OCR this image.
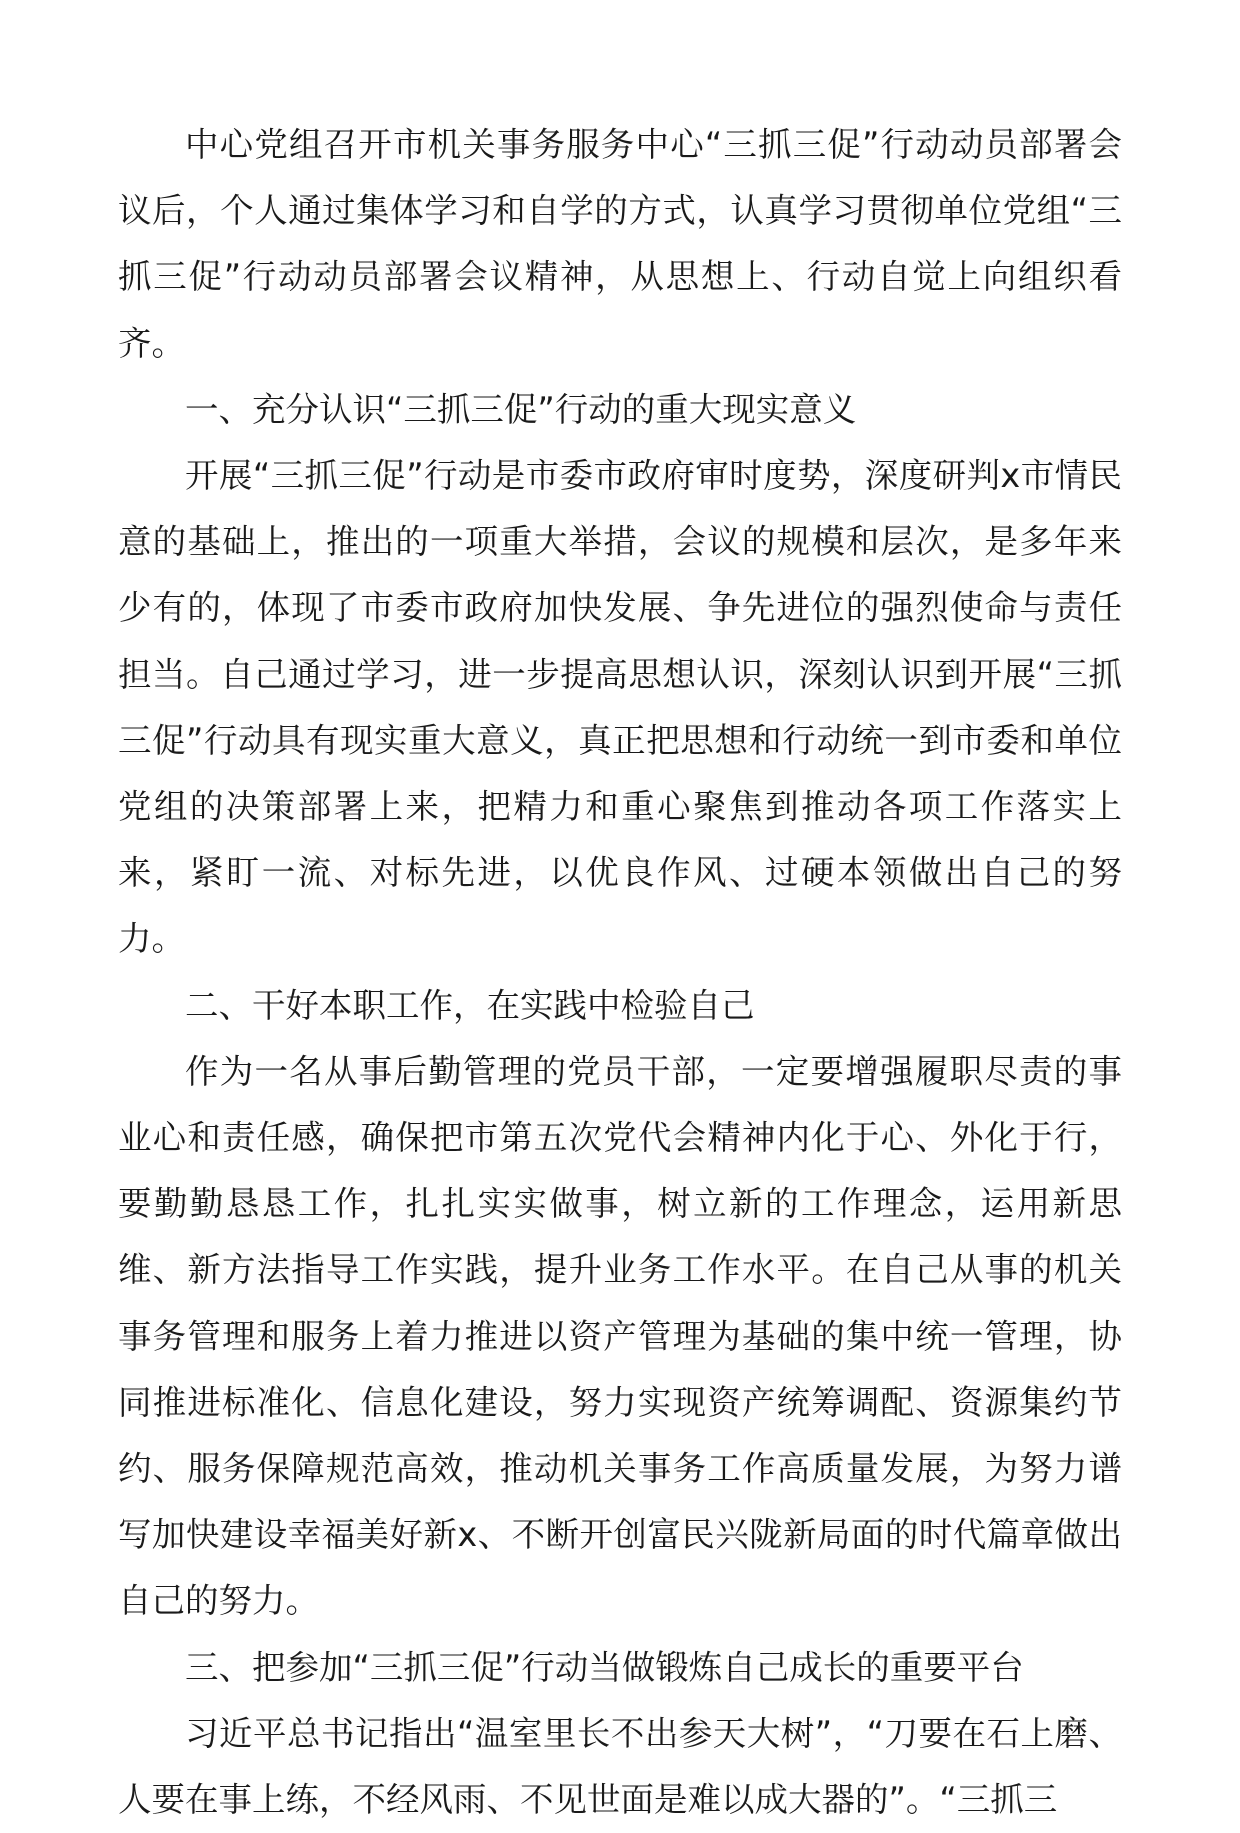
中心党组召开市机关事务服务中心“三抓三促”行动动员部署会议后，个人通过集体学习和自学的方式，认真学习贯彻单位党组“三抓三促”行动动员部署会议精神，从思想上、行动自觉上向组织看齐。

一、充分认识“三抓三促”行动的重大现实意义

开展“三抓三促”行动是市委市政府审时度势，深度研判x市情民意的基础上，推出的一项重大举措，会议的规模和层次，是多年来少有的，体现了市委市政府加快发展、争先进位的强烈使命与责任担当。自己通过学习，进一步提高思想认识，深刻认识到开展“三抓三促”行动具有现实重大意义，真正把思想和行动统一到市委和单位党组的决策部署上来，把精力和重心聚焦到推动各项工作落实上来，紧盯一流、对标先进，以优良作风、过硬本领做出自己的努力。

二、干好本职工作，在实践中检验自己

作为一名从事后勤管理的党员干部，一定要增强履职尽责的事业心和责任感，确保把市第五次党代会精神内化于心、外化于行，要勤勤恳恳工作，扎扎实实做事，树立新的工作理念，运用新思维、新方法指导工作实践，提升业务工作水平。在自己从事的机关事务管理和服务上着力推进以资产管理为基础的集中统一管理，协同推进标准化、信息化建设，努力实现资产统筹调配、资源集约节约、服务保障规范高效，推动机关事务工作高质量发展，为努力谱写加快建设幸福美好新x、不断开创富民兴陇新局面的时代篇章做出自己的努力。

三、把参加“三抓三促”行动当做锻炼自己成长的重要平台

习近平总书记指出“温室里长不出参天大树”，“刀要在石上磨、人要在事上练，不经风雨、不见世面是难以成大器的”。“三抓三
